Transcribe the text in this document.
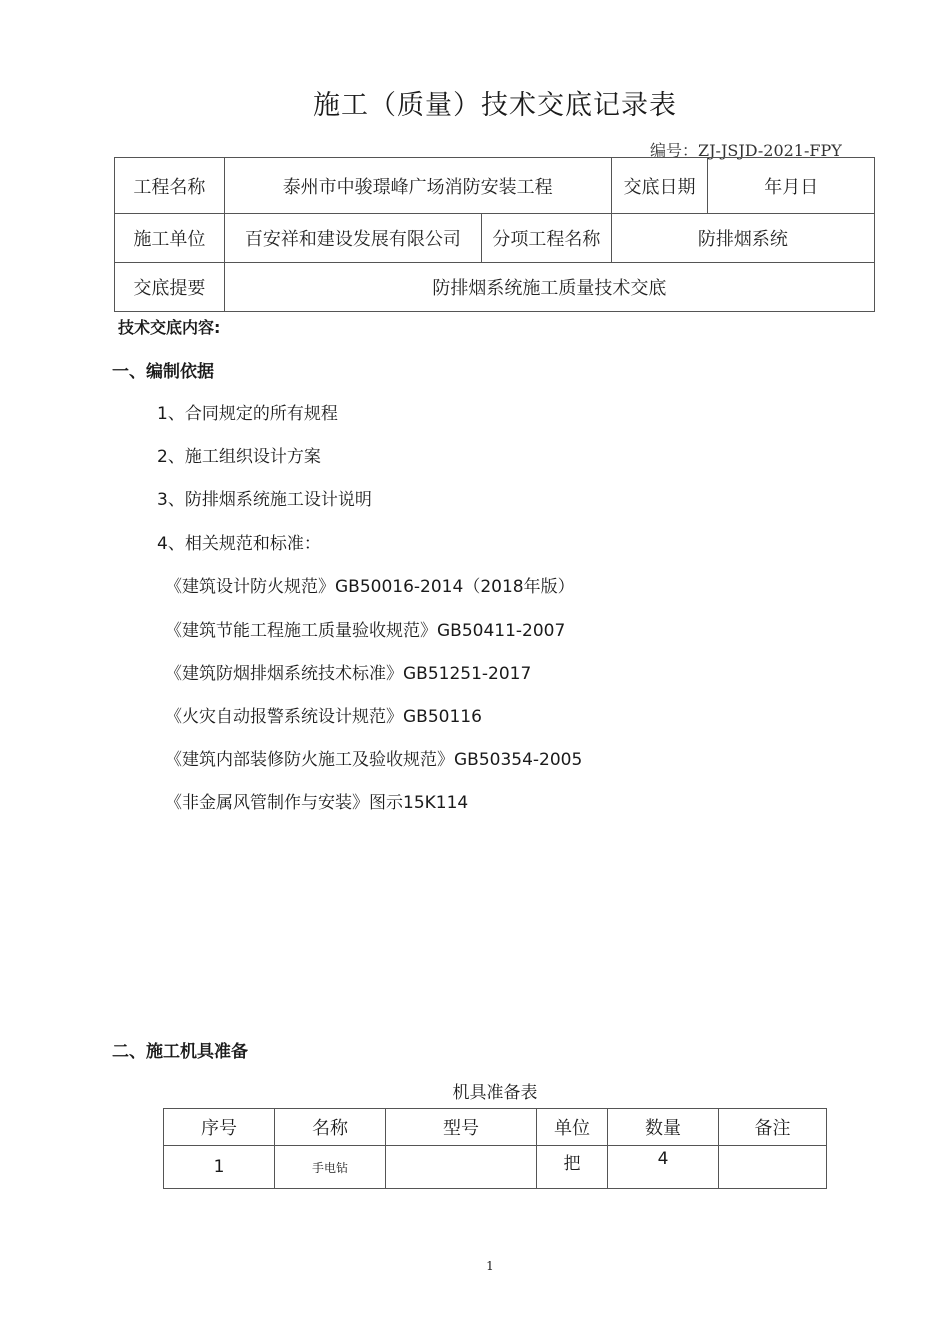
施工（质量）技术交底记录表
编号：ZJ-JSJD-2021-FPY
工程名称	泰州市中骏璟峰广场消防安装工程		交底日期	年月日
施工单位	百安祥和建设发展有限公司	分项工程名称	防排烟系统	
交底提要	防排烟系统施工质量技术交底			
技术交底内容:
一、编制依据
1、合同规定的所有规程
2、施工组织设计方案
3、防排烟系统施工设计说明
4、相关规范和标准：
《建筑设计防火规范》GB50016-2014（2018年版）
《建筑节能工程施工质量验收规范》GB50411-2007
《建筑防烟排烟系统技术标准》GB51251-2017
《火灾自动报警系统设计规范》GB50116
《建筑内部装修防火施工及验收规范》GB50354-2005
《非金属风管制作与安装》图示15K114
二、施工机具准备
机具准备表
序号	名称	型号	单位	数量	备注
1	手电钻		把	4	
1
